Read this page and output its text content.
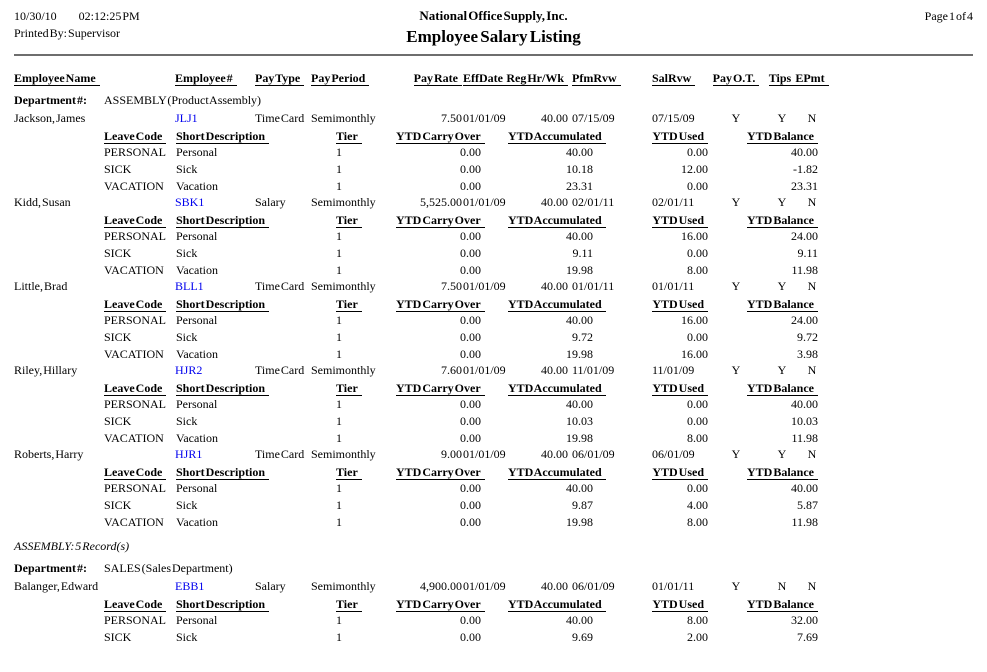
10/30/10 02:12:25 PM
Printed By: Supervisor
National Office Supply, Inc.
Employee Salary Listing
Page 1 of 4
Employee Name	Employee #	Pay Type Pay Period	Pay Rate EffDate Reg Hr/Wk PfmRvw	SalRvw	Pay O.T.	Tips EPmt
Department #:	ASSEMBLY (Product Assembly)
Jackson, James	JLJ1	Time Card Semimonthly	7.50 01/01/09	40.00 07/15/09	07/15/09	Y	Y	N
Leave Code	Short Description	Tier	YTD Carry Over YTD Accumulated	YTD Used	YTD Balance
PERSONAL Personal	1	0.00	40.00	0.00	40.00
SICK	Sick	1	0.00	10.18	12.00	-1.82
VACATION	Vacation	1	0.00	23.31	0.00	23.31
Kidd, Susan	SBK1	Salary	Semimonthly	5,525.00 01/01/09	40.00 02/01/11	02/01/11	Y	Y	N
Leave Code	Short Description	Tier	YTD Carry Over YTD Accumulated	YTD Used	YTD Balance
PERSONAL Personal	1	0.00	40.00	16.00	24.00
SICK	Sick	1	0.00	9.11	0.00	9.11
VACATION	Vacation	1	0.00	19.98	8.00	11.98
Little, Brad	BLL1	Time Card Semimonthly	7.50 01/01/09	40.00 01/01/11	01/01/11	Y	Y	N
Leave Code	Short Description	Tier	YTD Carry Over YTD Accumulated	YTD Used	YTD Balance
PERSONAL Personal	1	0.00	40.00	16.00	24.00
SICK	Sick	1	0.00	9.72	0.00	9.72
VACATION	Vacation	1	0.00	19.98	16.00	3.98
Riley, Hillary	HJR2	Time Card Semimonthly	7.60 01/01/09	40.00 11/01/09	11/01/09	Y	Y	N
Leave Code	Short Description	Tier	YTD Carry Over YTD Accumulated	YTD Used	YTD Balance
PERSONAL Personal	1	0.00	40.00	0.00	40.00
SICK	Sick	1	0.00	10.03	0.00	10.03
VACATION	Vacation	1	0.00	19.98	8.00	11.98
Roberts, Harry	HJR1	Time Card Semimonthly	9.00 01/01/09	40.00 06/01/09	06/01/09	Y	Y	N
Leave Code	Short Description	Tier	YTD Carry Over YTD Accumulated	YTD Used	YTD Balance
PERSONAL Personal	1	0.00	40.00	0.00	40.00
SICK	Sick	1	0.00	9.87	4.00	5.87
VACATION	Vacation	1	0.00	19.98	8.00	11.98
ASSEMBLY: 5 Record(s)
Department #:	SALES (Sales Department)
Balanger, Edward	EBB1	Salary	Semimonthly	4,900.00 01/01/09	40.00 06/01/09	01/01/11	Y	N	N
Leave Code	Short Description	Tier	YTD Carry Over YTD Accumulated	YTD Used	YTD Balance
PERSONAL Personal	1	0.00	40.00	8.00	32.00
SICK	Sick	1	0.00	9.69	2.00	7.69
